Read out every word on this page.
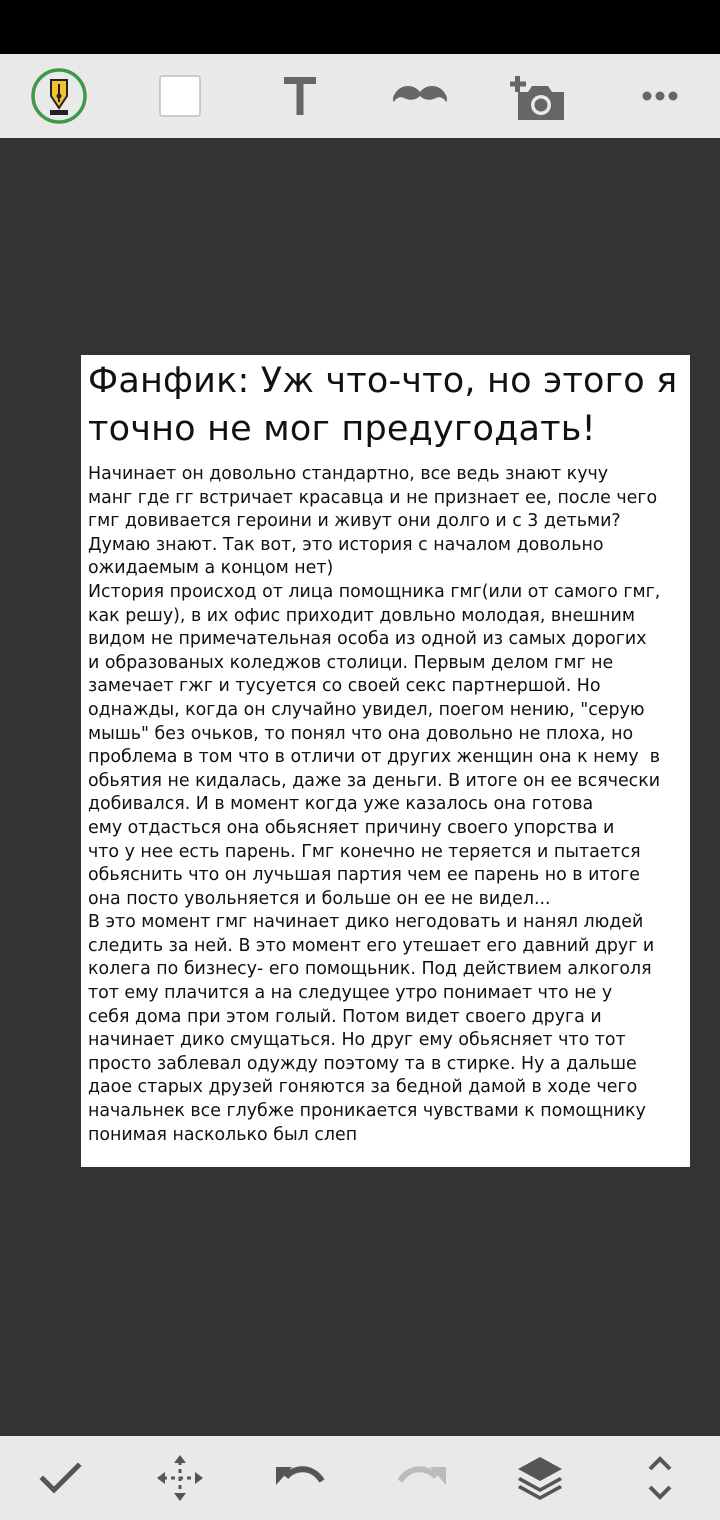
Фанфик: Уж что-что, но этого я точно не мог предугодать!
Начинает он довольно стандартно, все ведь знают кучу
манг где гг встричает красавца и не признает ее, после чего
гмг довивается героини и живут они долго и с 3 детьми?
Думаю знают. Так вот, это история с началом довольно
ожидаемым а концом нет)
История происход от лица помощника гмг(или от самого гмг,
как решу), в их офис приходит довльно молодая, внешним
видом не примечательная особа из одной из самых дорогих
и образованых коледжов столици. Первым делом гмг не
замечает гжг и тусуется со своей секс партнершой. Но
однажды, когда он случайно увидел, поегом нению, "серую
мышь" без очьков, то понял что она довольно не плоха, но
проблема в том что в отличи от других женщин она к нему  в
обьятия не кидалась, даже за деньги. В итоге он ее всячески
добивался. И в момент когда уже казалось она готова
ему отдасться она обьясняет причину своего упорства и
что у нее есть парень. Гмг конечно не теряется и пытается
обьяснить что он лучьшая партия чем ее парень но в итоге
она посто увольняется и больше он ее не видел...
В это момент гмг начинает дико негодовать и нанял людей
следить за ней. В это момент его утешает его давний друг и
колега по бизнесу- его помощьник. Под действием алкоголя
тот ему плачится а на следущее утро понимает что не у
себя дома при этом голый. Потом видет своего друга и
начинает дико смущаться. Но друг ему обьясняет что тот
просто заблевал одужду поэтому та в стирке. Ну а дальше
даое старых друзей гоняются за бедной дамой в ходе чего
начальнек все глубже проникается чувствами к помощнику
понимая насколько был слеп
